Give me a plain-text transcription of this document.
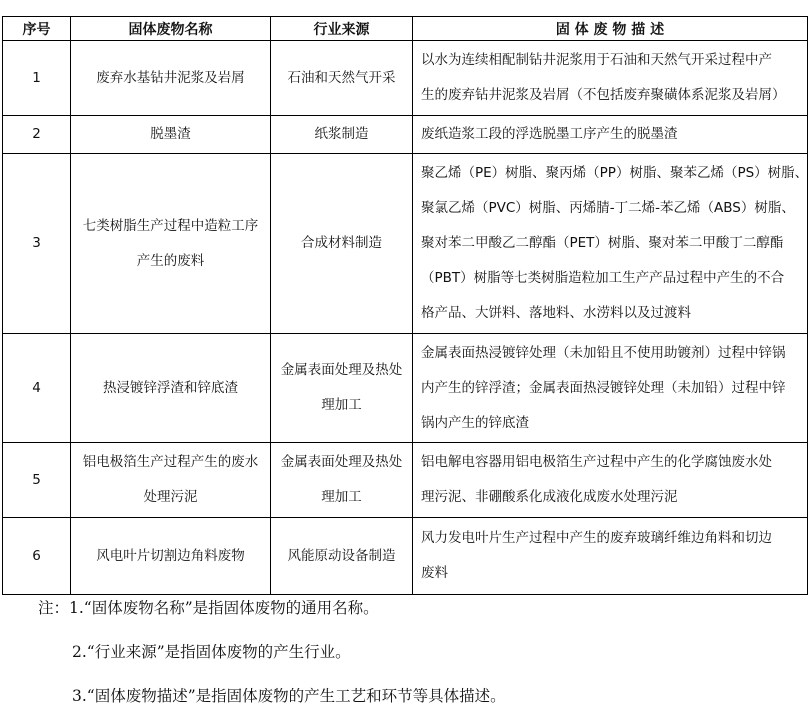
序号	固体废物名称	行业来源	固 体 废 物 描 述
1	废弃水基钻井泥浆及岩屑	石油和天然气开采	以水为连续相配制钻井泥浆用于石油和天然气开采过程中产
生的废弃钻井泥浆及岩屑（不包括废弃聚磺体系泥浆及岩屑）

2	脱墨渣	纸浆制造	废纸造浆工段的浮选脱墨工序产生的脱墨渣

3	七类树脂生产过程中造粒工序
产生的废料	合成材料制造	聚乙烯（PE）树脂、聚丙烯（PP）树脂、聚苯乙烯（PS）树脂、
聚氯乙烯（PVC）树脂、丙烯腈-丁二烯-苯乙烯（ABS）树脂、
聚对苯二甲酸乙二醇酯（PET）树脂、聚对苯二甲酸丁二醇酯
（PBT）树脂等七类树脂造粒加工生产产品过程中产生的不合
格产品、大饼料、落地料、水涝料以及过渡料

4	热浸镀锌浮渣和锌底渣	金属表面处理及热处
理加工	金属表面热浸镀锌处理（未加铅且不使用助镀剂）过程中锌锅
内产生的锌浮渣；金属表面热浸镀锌处理（未加铅）过程中锌
锅内产生的锌底渣

5	铝电极箔生产过程产生的废水
处理污泥	金属表面处理及热处
理加工	铝电解电容器用铝电极箔生产过程中产生的化学腐蚀废水处
理污泥、非硼酸系化成液化成废水处理污泥

6	风电叶片切割边角料废物	风能原动设备制造	风力发电叶片生产过程中产生的废弃玻璃纤维边角料和切边
废料
注：1.“固体废物名称”是指固体废物的通用名称。
2.“行业来源”是指固体废物的产生行业。
3.“固体废物描述”是指固体废物的产生工艺和环节等具体描述。
